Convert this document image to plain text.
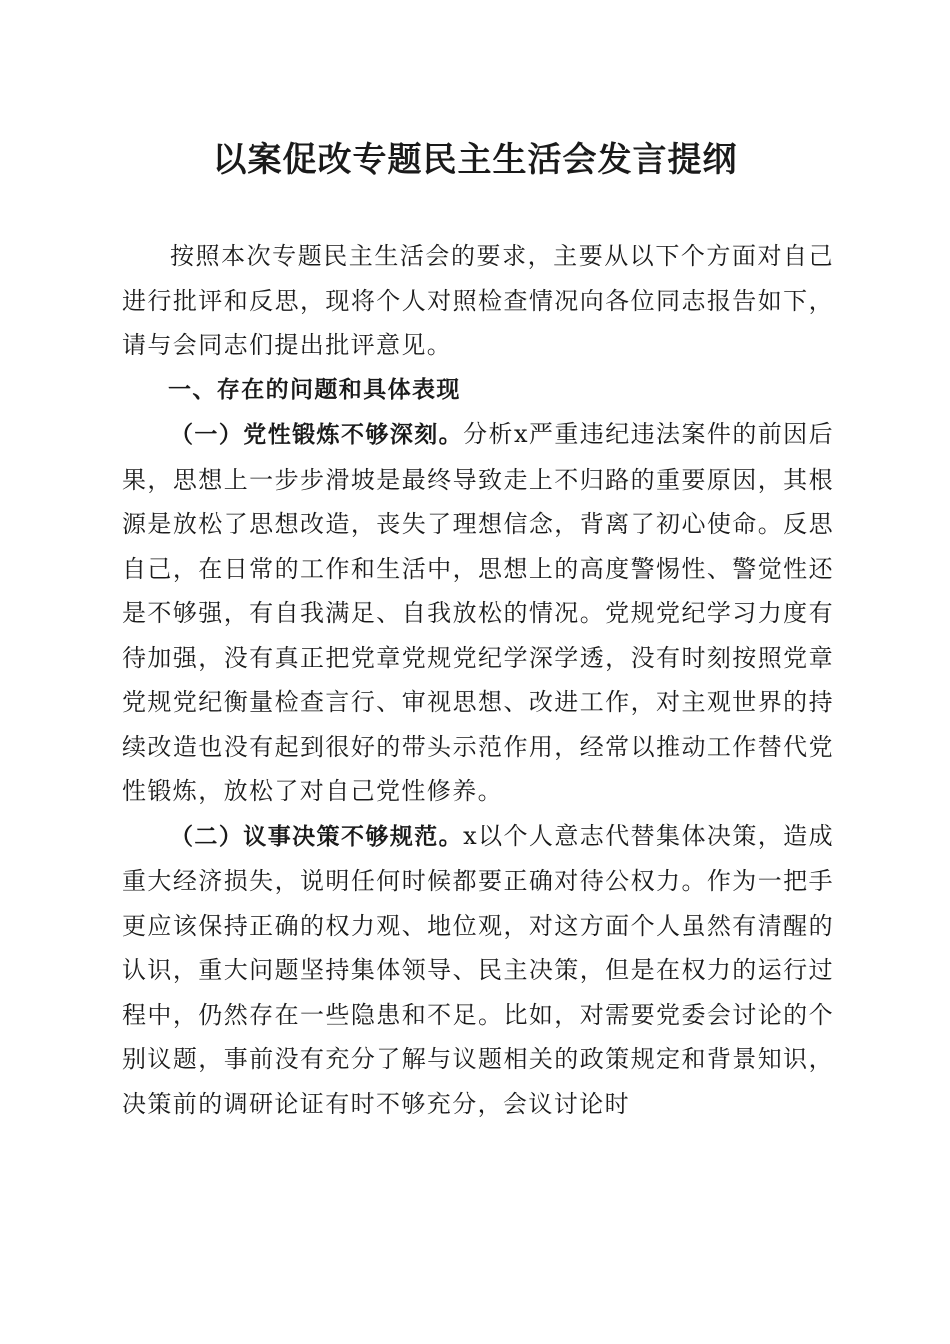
以案促改专题民主生活会发言提纲

按照本次专题民主生活会的要求，主要从以下个方面对自己进行批评和反思，现将个人对照检查情况向各位同志报告如下，请与会同志们提出批评意见。

一、存在的问题和具体表现

（一）党性锻炼不够深刻。分析x严重违纪违法案件的前因后果，思想上一步步滑坡是最终导致走上不归路的重要原因，其根源是放松了思想改造，丧失了理想信念，背离了初心使命。反思自己，在日常的工作和生活中，思想上的高度警惕性、警觉性还是不够强，有自我满足、自我放松的情况。党规党纪学习力度有待加强，没有真正把党章党规党纪学深学透，没有时刻按照党章党规党纪衡量检查言行、审视思想、改进工作，对主观世界的持续改造也没有起到很好的带头示范作用，经常以推动工作替代党性锻炼，放松了对自己党性修养。

（二）议事决策不够规范。x以个人意志代替集体决策，造成重大经济损失，说明任何时候都要正确对待公权力。作为一把手更应该保持正确的权力观、地位观，对这方面个人虽然有清醒的认识，重大问题坚持集体领导、民主决策，但是在权力的运行过程中，仍然存在一些隐患和不足。比如，对需要党委会讨论的个别议题，事前没有充分了解与议题相关的政策规定和背景知识，决策前的调研论证有时不够充分，会议讨论时
